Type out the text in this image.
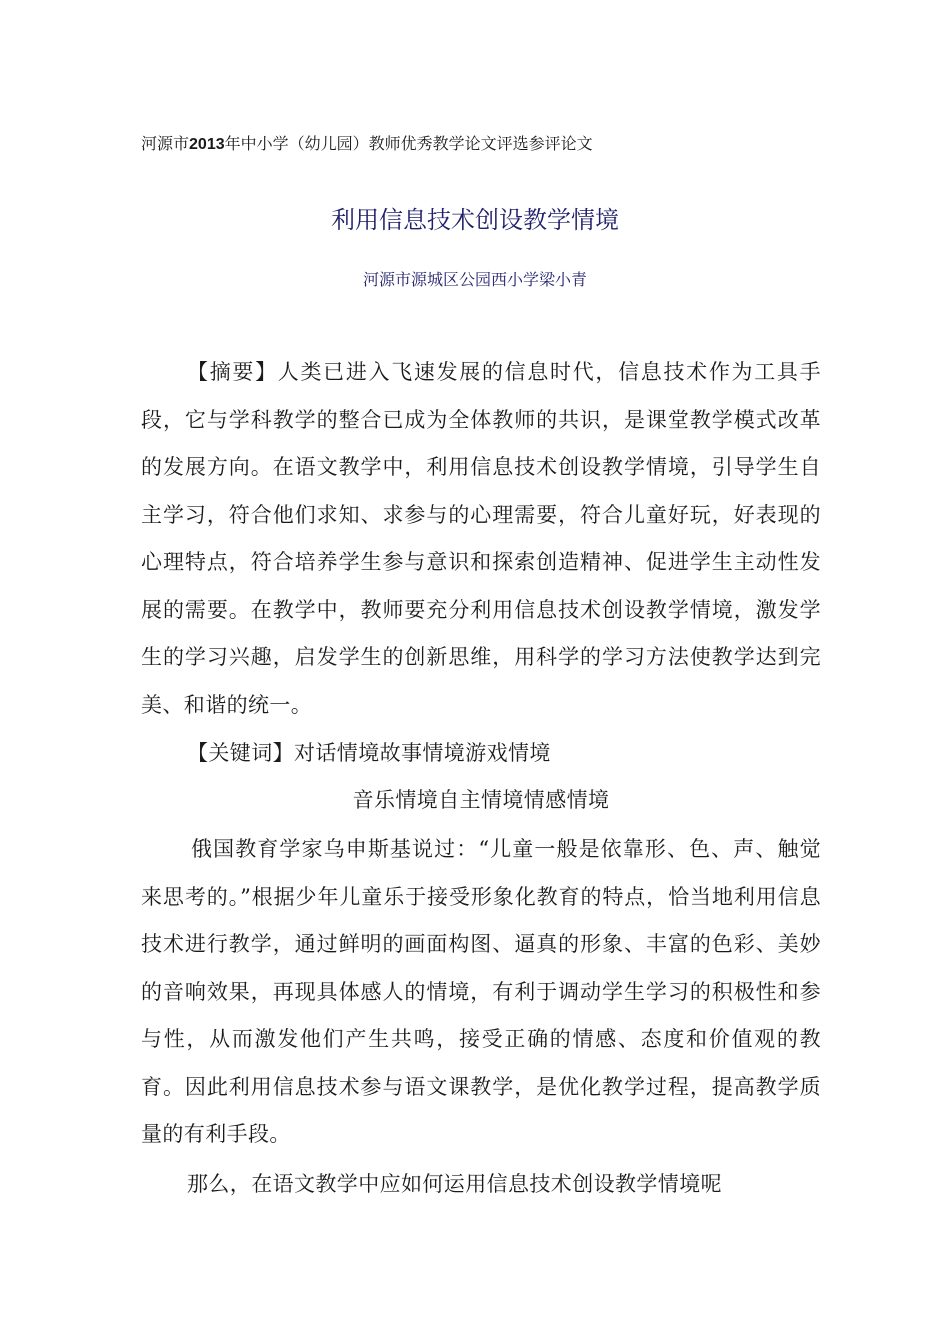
河源市2013年中小学（幼儿园）教师优秀教学论文评选参评论文
利用信息技术创设教学情境
河源市源城区公园西小学梁小青
【摘要】人类已进入飞速发展的信息时代，信息技术作为工具手段，它与学科教学的整合已成为全体教师的共识，是课堂教学模式改革的发展方向。在语文教学中，利用信息技术创设教学情境，引导学生自主学习，符合他们求知、求参与的心理需要，符合儿童好玩，好表现的心理特点，符合培养学生参与意识和探索创造精神、促进学生主动性发展的需要。在教学中，教师要充分利用信息技术创设教学情境，激发学生的学习兴趣，启发学生的创新思维，用科学的学习方法使教学达到完美、和谐的统一。
【关键词】对话情境故事情境游戏情境
音乐情境自主情境情感情境
俄国教育学家乌申斯基说过：“儿童一般是依靠形、色、声、触觉来思考的。”根据少年儿童乐于接受形象化教育的特点，恰当地利用信息技术进行教学，通过鲜明的画面构图、逼真的形象、丰富的色彩、美妙的音响效果，再现具体感人的情境，有利于调动学生学习的积极性和参与性，从而激发他们产生共鸣，接受正确的情感、态度和价值观的教育。因此利用信息技术参与语文课教学，是优化教学过程，提高教学质量的有利手段。
那么，在语文教学中应如何运用信息技术创设教学情境呢
